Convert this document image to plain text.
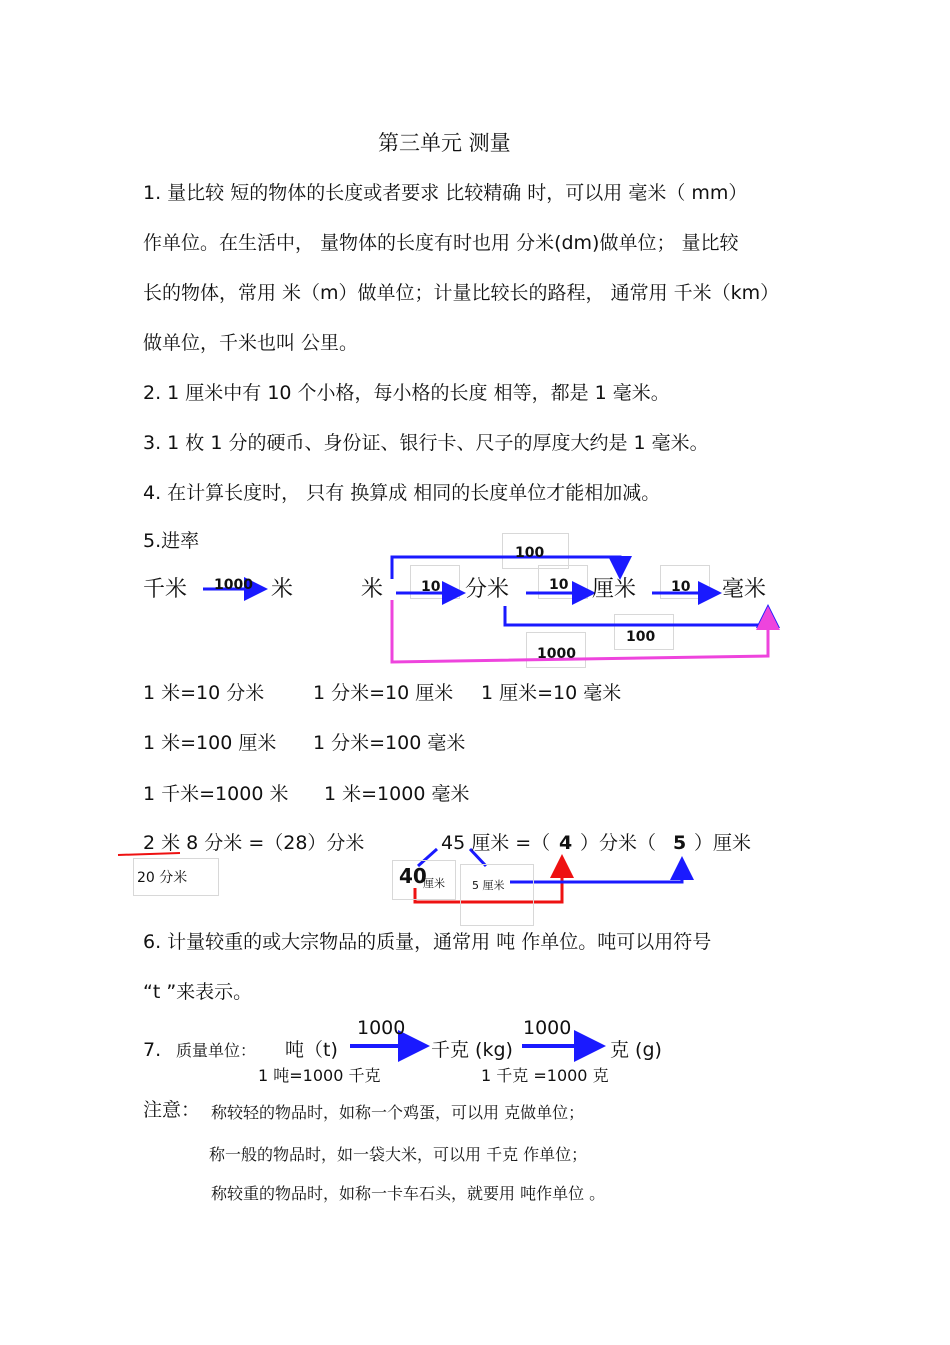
第三单元 测量
1. 量比较 短的物体的长度或者要求 比较精确 时，可以用 毫米（ mm）
作单位。在生活中， 量物体的长度有时也用 分米(dm)做单位； 量比较
长的物体，常用 米（m）做单位；计量比较长的路程， 通常用 千米（km）
做单位，千米也叫 公里。
2. 1 厘米中有 10 个小格，每小格的长度 相等，都是 1 毫米。
3. 1 枚 1 分的硬币、身份证、银行卡、尺子的厚度大约是 1 毫米。
4. 在计算长度时， 只有 换算成 相同的长度单位才能相加减。
5.进率
千米 1000 米	米	分米	厘米	毫米
10	10	10
100
100
1000
1 米=10 分米	1 分米=10 厘米 1 厘米=10 毫米
1 米=100 厘米 1 分米=100 毫米
1 千米=1000 米 1 米=1000 毫米
2 米 8 分米 =（28）分米	45 厘米 =（ 4 ）分米（ 5 ）厘米
20 分米	40
厘米 5 厘米
6. 计量较重的或大宗物品的质量，通常用 吨 作单位。吨可以用符号
“t ”来表示。
7. 质量单位： 吨（t)
1000
千克 (kg)
1000
克 (g)
1 吨=1000 千克	1 千克 =1000 克
注意： 称较轻的物品时，如称一个鸡蛋，可以用 克做单位；
称一般的物品时，如一袋大米，可以用 千克 作单位；
称较重的物品时，如称一卡车石头，就要用 吨作单位 。
